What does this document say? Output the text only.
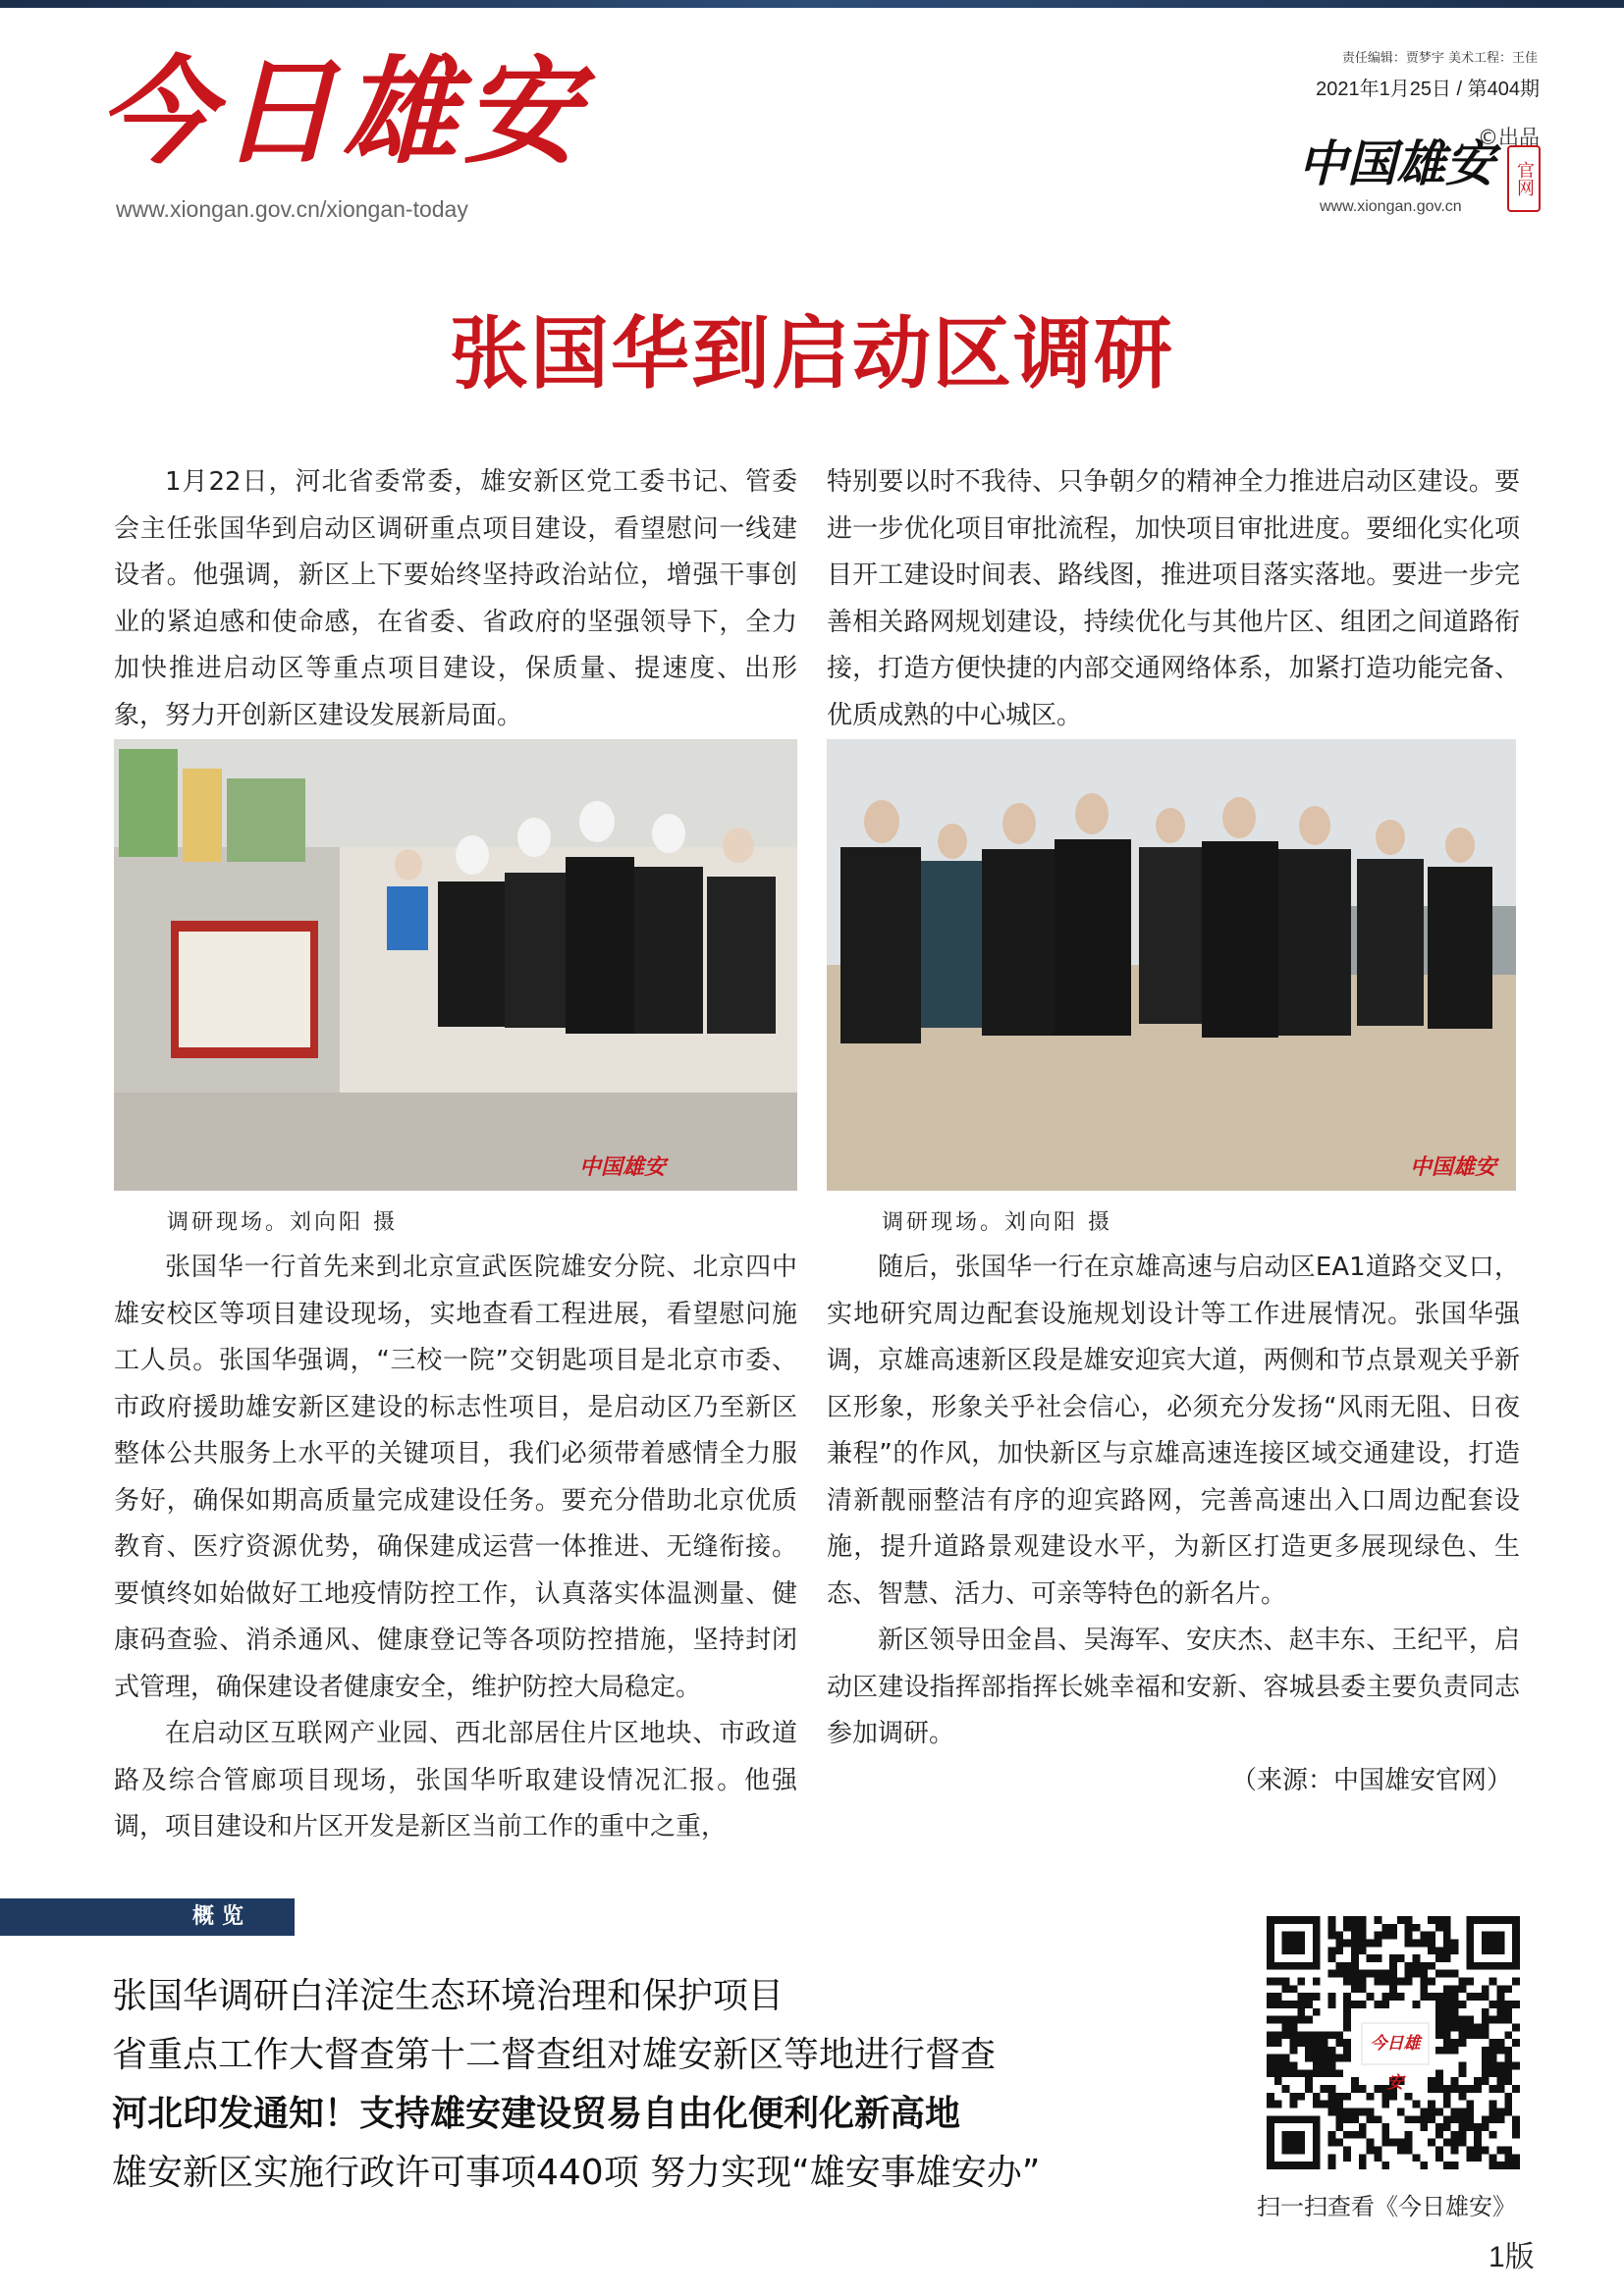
今日雄安
www.xiongan.gov.cn/xiongan-today
责任编辑：贾梦宇 美术工程：王佳
2021年1月25日 / 第404期
©出品
中国雄安	官网
www.xiongan.gov.cn
张国华到启动区调研

1月22日，河北省委常委，雄安新区党工委书记、管委会主任张国华到启动区调研重点项目建设，看望慰问一线建设者。他强调，新区上下要始终坚持政治站位，增强干事创业的紧迫感和使命感，在省委、省政府的坚强领导下，全力加快推进启动区等重点项目建设，保质量、提速度、出形象，努力开创新区建设发展新局面。

特别要以时不我待、只争朝夕的精神全力推进启动区建设。要进一步优化项目审批流程，加快项目审批进度。要细化实化项目开工建设时间表、路线图，推进项目落实落地。要进一步完善相关路网规划建设，持续优化与其他片区、组团之间道路衔接，打造方便快捷的内部交通网络体系，加紧打造功能完备、优质成熟的中心城区。

中国雄安	中国雄安
调研现场。刘向阳 摄	调研现场。刘向阳 摄

张国华一行首先来到北京宣武医院雄安分院、北京四中雄安校区等项目建设现场，实地查看工程进展，看望慰问施工人员。张国华强调，“三校一院”交钥匙项目是北京市委、市政府援助雄安新区建设的标志性项目，是启动区乃至新区整体公共服务上水平的关键项目，我们必须带着感情全力服务好，确保如期高质量完成建设任务。要充分借助北京优质教育、医疗资源优势，确保建成运营一体推进、无缝衔接。要慎终如始做好工地疫情防控工作，认真落实体温测量、健康码查验、消杀通风、健康登记等各项防控措施，坚持封闭式管理，确保建设者健康安全，维护防控大局稳定。

在启动区互联网产业园、西北部居住片区地块、市政道路及综合管廊项目现场，张国华听取建设情况汇报。他强调，项目建设和片区开发是新区当前工作的重中之重，

随后，张国华一行在京雄高速与启动区EA1道路交叉口，实地研究周边配套设施规划设计等工作进展情况。张国华强调，京雄高速新区段是雄安迎宾大道，两侧和节点景观关乎新区形象，形象关乎社会信心，必须充分发扬“风雨无阻、日夜兼程”的作风，加快新区与京雄高速连接区域交通建设，打造清新靓丽整洁有序的迎宾路网，完善高速出入口周边配套设施，提升道路景观建设水平，为新区打造更多展现绿色、生态、智慧、活力、可亲等特色的新名片。

新区领导田金昌、吴海军、安庆杰、赵丰东、王纪平，启动区建设指挥部指挥长姚幸福和安新、容城县委主要负责同志参加调研。

（来源：中国雄安官网）

概览
张国华调研白洋淀生态环境治理和保护项目
省重点工作大督查第十二督查组对雄安新区等地进行督查
河北印发通知！支持雄安建设贸易自由化便利化新高地
雄安新区实施行政许可事项440项 努力实现“雄安事雄安办”
今日雄安
扫一扫查看《今日雄安》
1版
